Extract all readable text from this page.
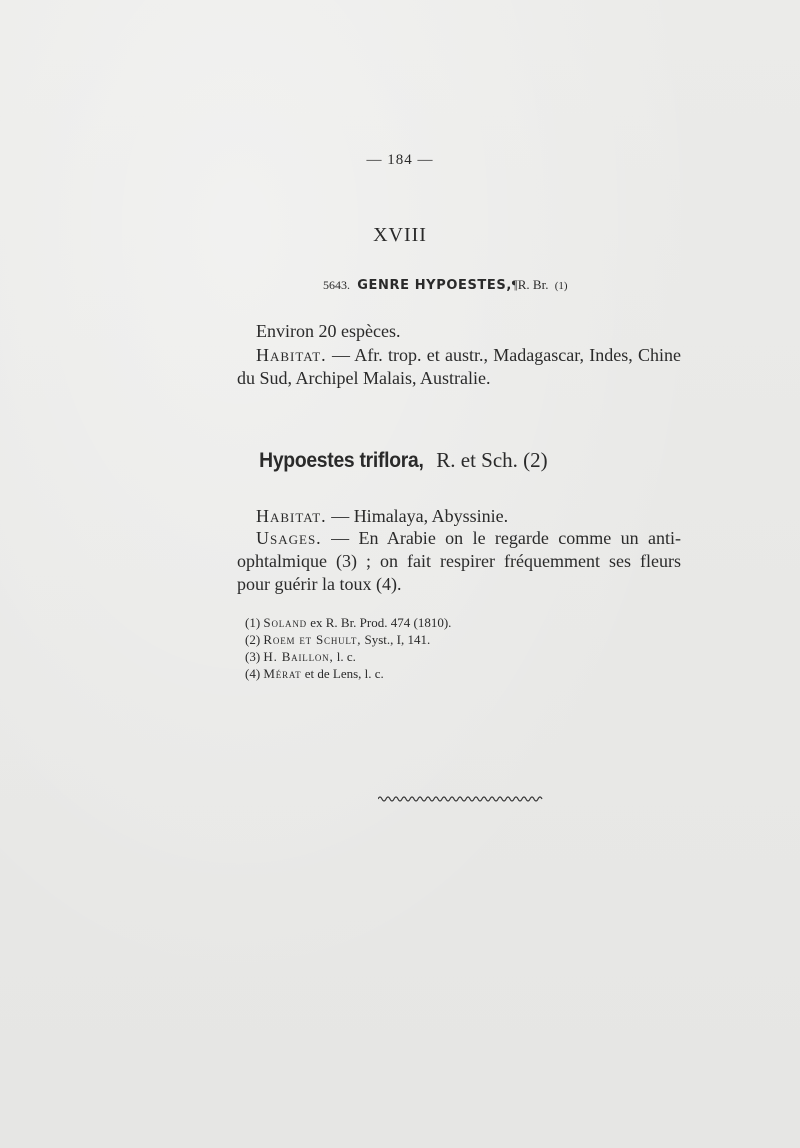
— 184 —
XVIII
5643. GENRE HYPOESTES,¶R. Br. (1)
Environ 20 espèces.
Habitat. — Afr. trop. et austr., Madagascar, Indes, Chine du Sud, Archipel Malais, Australie.
Hypoestes triflora, R. et Sch. (2)
Habitat. — Himalaya, Abyssinie.
Usages. — En Arabie on le regarde comme un anti-ophtalmique (3) ; on fait respirer fréquemment ses fleurs pour guérir la toux (4).
(1) Soland ex R. Br. Prod. 474 (1810).
(2) Roem et Schult, Syst., I, 141.
(3) H. Baillon, l. c.
(4) Mérat et de Lens, l. c.
